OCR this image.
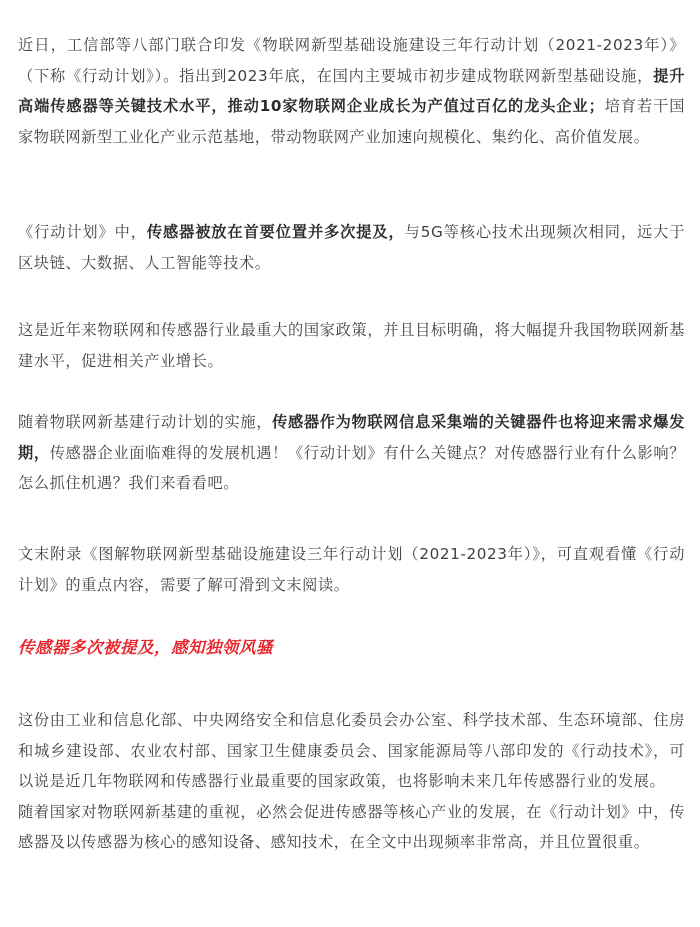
近日，工信部等八部门联合印发《物联网新型基础设施建设三年行动计划（2021-2023年）》（下称《行动计划》）。指出到2023年底，在国内主要城市初步建成物联网新型基础设施，提升高端传感器等关键技术水平，推动10家物联网企业成长为产值过百亿的龙头企业；培育若干国家物联网新型工业化产业示范基地，带动物联网产业加速向规模化、集约化、高价值发展。

《行动计划》中，传感器被放在首要位置并多次提及，与5G等核心技术出现频次相同，远大于区块链、大数据、人工智能等技术。

这是近年来物联网和传感器行业最重大的国家政策，并且目标明确，将大幅提升我国物联网新基建水平，促进相关产业增长。

随着物联网新基建行动计划的实施，传感器作为物联网信息采集端的关键器件也将迎来需求爆发期，传感器企业面临难得的发展机遇！《行动计划》有什么关键点？对传感器行业有什么影响？怎么抓住机遇？我们来看看吧。

文末附录《图解物联网新型基础设施建设三年行动计划（2021-2023年）》，可直观看懂《行动计划》的重点内容，需要了解可滑到文末阅读。

传感器多次被提及，感知独领风骚

这份由工业和信息化部、中央网络安全和信息化委员会办公室、科学技术部、生态环境部、住房和城乡建设部、农业农村部、国家卫生健康委员会、国家能源局等八部印发的《行动技术》，可以说是近几年物联网和传感器行业最重要的国家政策，也将影响未来几年传感器行业的发展。
随着国家对物联网新基建的重视，必然会促进传感器等核心产业的发展，在《行动计划》中，传感器及以传感器为核心的感知设备、感知技术，在全文中出现频率非常高，并且位置很重。
